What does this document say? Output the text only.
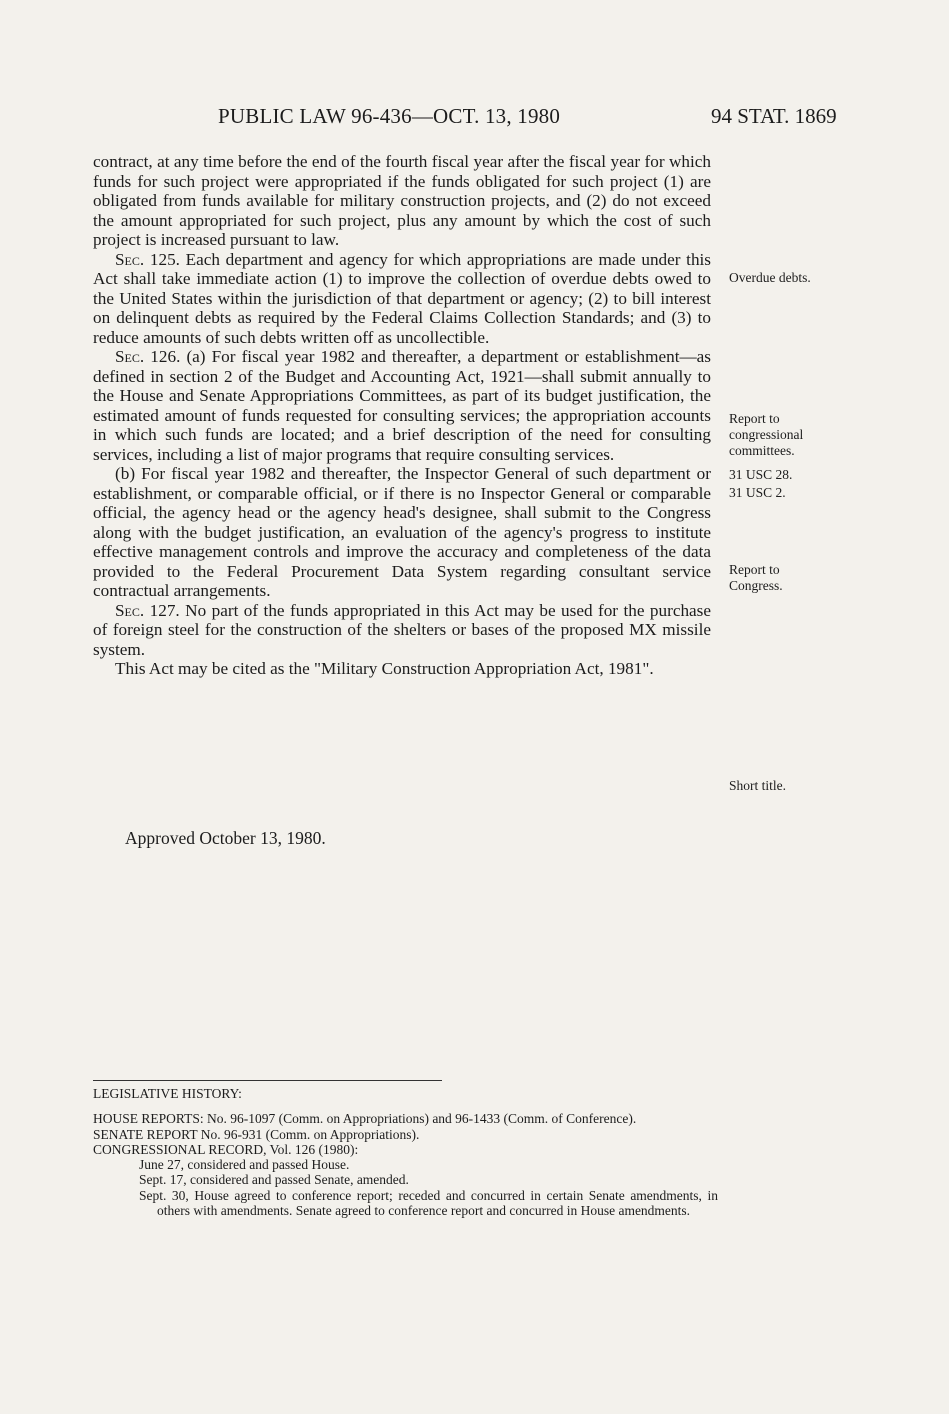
PUBLIC LAW 96-436—OCT. 13, 1980	94 STAT. 1869

contract, at any time before the end of the fourth fiscal year after the fiscal year for which funds for such project were appropriated if the funds obligated for such project (1) are obligated from funds available for military construction projects, and (2) do not exceed the amount appropriated for such project, plus any amount by which the cost of such project is increased pursuant to law.

Sec. 125. Each department and agency for which appropriations are made under this Act shall take immediate action (1) to improve the collection of overdue debts owed to the United States within the jurisdiction of that department or agency; (2) to bill interest on delinquent debts as required by the Federal Claims Collection Standards; and (3) to reduce amounts of such debts written off as uncollectible.

Sec. 126. (a) For fiscal year 1982 and thereafter, a department or establishment—as defined in section 2 of the Budget and Accounting Act, 1921—shall submit annually to the House and Senate Appropriations Committees, as part of its budget justification, the estimated amount of funds requested for consulting services; the appropriation accounts in which such funds are located; and a brief description of the need for consulting services, including a list of major programs that require consulting services.

(b) For fiscal year 1982 and thereafter, the Inspector General of such department or establishment, or comparable official, or if there is no Inspector General or comparable official, the agency head or the agency head's designee, shall submit to the Congress along with the budget justification, an evaluation of the agency's progress to institute effective management controls and improve the accuracy and completeness of the data provided to the Federal Procurement Data System regarding consultant service contractual arrangements.

Sec. 127. No part of the funds appropriated in this Act may be used for the purchase of foreign steel for the construction of the shelters or bases of the proposed MX missile system.

This Act may be cited as the "Military Construction Appropriation Act, 1981".

Approved October 13, 1980.
Overdue debts.
Report to
congressional
committees.
31 USC 28.
31 USC 2.
Report to
Congress.
Short title.

LEGISLATIVE HISTORY:

HOUSE REPORTS: No. 96-1097 (Comm. on Appropriations) and 96-1433 (Comm. of Conference).

SENATE REPORT No. 96-931 (Comm. on Appropriations).

CONGRESSIONAL RECORD, Vol. 126 (1980):

June 27, considered and passed House.

Sept. 17, considered and passed Senate, amended.

Sept. 30, House agreed to conference report; receded and concurred in certain Senate amendments, in others with amendments. Senate agreed to conference report and concurred in House amendments.
